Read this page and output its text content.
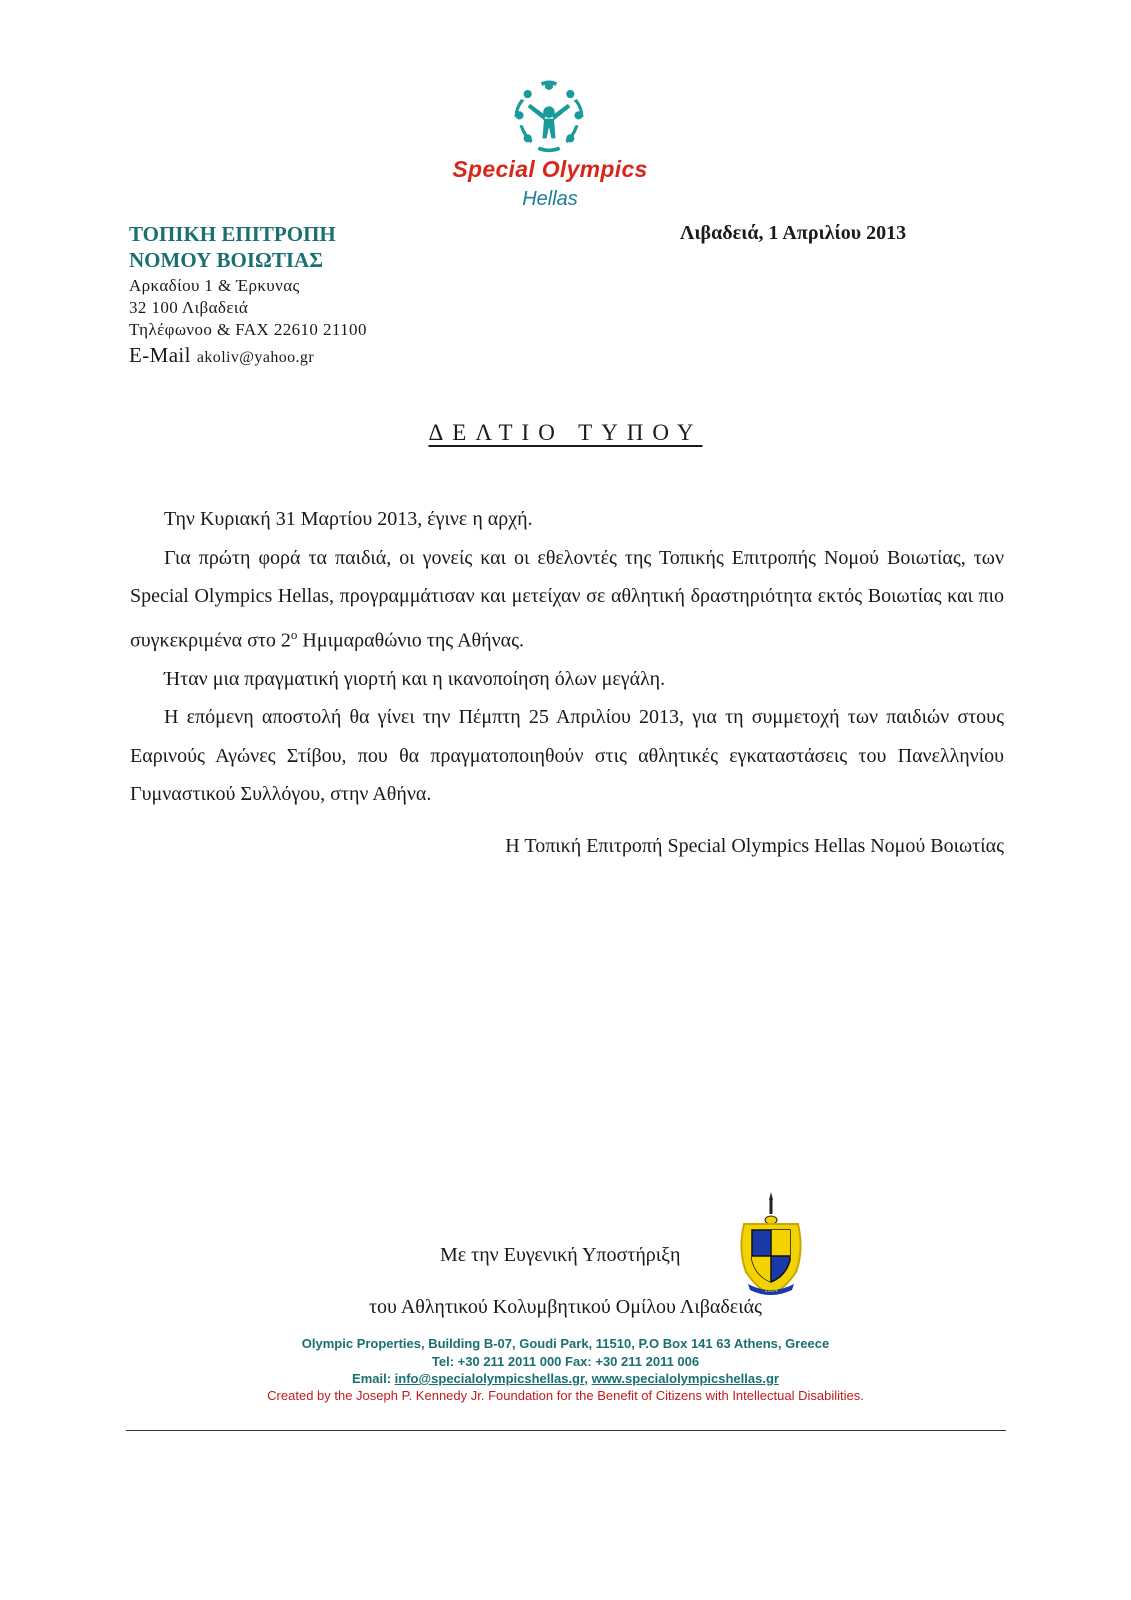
Special Olympics
Hellas
ΤΟΠΙΚΗ ΕΠΙΤΡΟΠΗ
ΝΟΜΟΥ ΒΟΙΩΤΙΑΣ
Αρκαδίου 1 & Έρκυνας
32 100 Λιβαδειά
Τηλέφωνοο & FAX 22610 21100
E-Mail akoliv@yahoo.gr
Λιβαδειά, 1 Απριλίου 2013
ΔΕΛΤΙΟ ΤΥΠΟΥ

Την Κυριακή 31 Μαρτίου 2013, έγινε η αρχή.

Για πρώτη φορά τα παιδιά, οι γονείς και οι εθελοντές της Τοπικής Επιτροπής Νομού Βοιωτίας, των Special Olympics Hellas, προγραμμάτισαν και μετείχαν σε αθλητική δραστηριότητα εκτός Βοιωτίας και πιο συγκεκριμένα στο $2^o$ Ημιμαραθώνιο της Αθήνας.

Ήταν μια πραγματική γιορτή και η ικανοποίηση όλων μεγάλη.

Η επόμενη αποστολή θα γίνει την Πέμπτη 25 Απριλίου 2013, για τη συμμετοχή των παιδιών στους Εαρινούς Αγώνες Στίβου, που θα πραγματοποιηθούν στις αθλητικές εγκαταστάσεις του Πανελληνίου Γυμναστικού Συλλόγου, στην Αθήνα.

Η Τοπική Επιτροπή Special Olympics Hellas Νομού Βοιωτίας
Με την Ευγενική Υποστήριξη
1924
του Αθλητικού Κολυμβητικού Ομίλου Λιβαδειάς
Olympic Properties, Building B-07, Goudi Park, 11510, P.O Box 141 63 Athens, Greece
Tel: +30 211 2011 000 Fax: +30 211 2011 006
Email: info@specialolympicshellas.gr, www.specialolympicshellas.gr
Created by the Joseph P. Kennedy Jr. Foundation for the Benefit of Citizens with Intellectual Disabilities.
